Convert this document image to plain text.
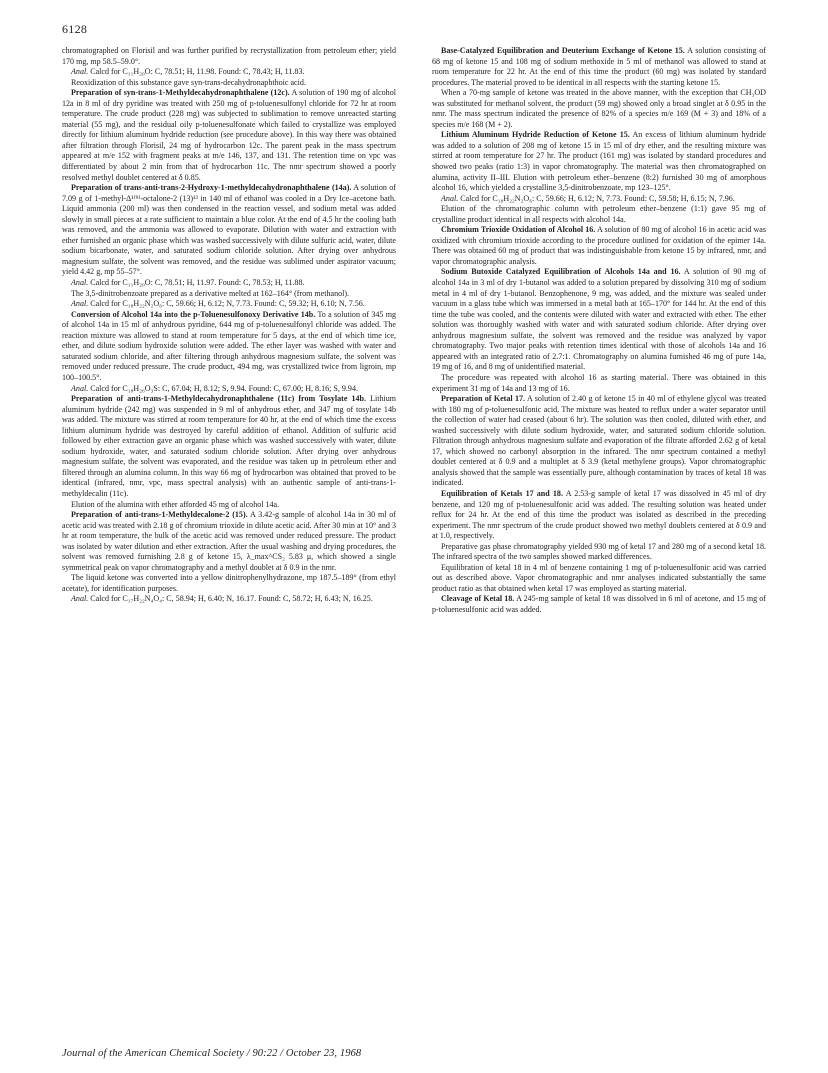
6128

chromatographed on Florisil and was further purified by recrystallization from petroleum ether; yield 170 mg, mp 58.5–59.0°.

Anal. Calcd for C₁₁H₂₀O: C, 78.51; H, 11.98. Found: C, 78.43; H, 11.83.

Reoxidization of this substance gave syn-trans-decahydronaphthoic acid.

Preparation of syn-trans-1-Methyldecahydronaphthalene (12c). A solution of 190 mg of alcohol 12a in 8 ml of dry pyridine was treated with 250 mg of p-toluenesulfonyl chloride for 72 hr at room temperature. The crude product (228 mg) was subjected to sublimation to remove unreacted starting material (55 mg), and the residual oily p-toluenesulfonate which failed to crystallize was employed directly for lithium aluminum hydride reduction (see procedure above). In this way there was obtained after filtration through Florisil, 24 mg of hydrocarbon 12c. The parent peak in the mass spectrum appeared at m/e 152 with fragment peaks at m/e 146, 137, and 131. The retention time on vpc was differentiated by about 2 min from that of hydrocarbon 11c. The nmr spectrum showed a poorly resolved methyl doublet centered at δ 0.85.

Preparation of trans-anti-trans-2-Hydroxy-1-methyldecahydronaphthalene (14a). A solution of 7.09 g of 1-methyl-Δ¹⁽⁹⁾-octalone-2 (13)¹³ in 140 ml of ethanol was cooled in a Dry Ice–acetone bath. Liquid ammonia (200 ml) was then condensed in the reaction vessel, and sodium metal was added slowly in small pieces at a rate sufficient to maintain a blue color. At the end of 4.5 hr the cooling bath was removed, and the ammonia was allowed to evaporate. Dilution with water and extraction with ether furnished an organic phase which was washed successively with dilute sulfuric acid, water, dilute sodium bicarbonate, water, and saturated sodium chloride solution. After drying over anhydrous magnesium sulfate, the solvent was removed, and the residue was sublimed under aspirator vacuum; yield 4.42 g, mp 55–57°.

Anal. Calcd for C₁₁H₂₀O: C, 78.51; H, 11.97. Found: C, 78.53; H, 11.88.

The 3,5-dinitrobenzoate prepared as a derivative melted at 162–164° (from methanol).

Anal. Calcd for C₁₈H₂₂N₂O₆: C, 59.66; H, 6.12; N, 7.73. Found: C, 59.32; H, 6.10; N, 7.56.

Conversion of Alcohol 14a into the p-Toluenesulfonoxy Derivative 14b. To a solution of 345 mg of alcohol 14a in 15 ml of anhydrous pyridine, 644 mg of p-toluenesulfonyl chloride was added. The reaction mixture was allowed to stand at room temperature for 5 days, at the end of which time ice, ether, and dilute sodium hydroxide solution were added. The ether layer was washed with water and saturated sodium chloride, and after filtering through anhydrous magnesium sulfate, the solvent was removed under reduced pressure. The crude product, 494 mg, was crystallized twice from ligroin, mp 100–100.5°.

Anal. Calcd for C₁₈H₂₆O₃S: C, 67.04; H, 8.12; S, 9.94. Found: C, 67.00; H, 8.16; S, 9.94.

Preparation of anti-trans-1-Methyldecahydronaphthalene (11c) from Tosylate 14b. Lithium aluminum hydride (242 mg) was suspended in 9 ml of anhydrous ether, and 347 mg of tosylate 14b was added. The mixture was stirred at room temperature for 40 hr, at the end of which time the excess lithium aluminum hydride was destroyed by careful addition of ethanol. Addition of sulfuric acid followed by ether extraction gave an organic phase which was washed successively with water, dilute sodium hydroxide, water, and saturated sodium chloride solution. After drying over anhydrous magnesium sulfate, the solvent was evaporated, and the residue was taken up in petroleum ether and filtered through an alumina column. In this way 66 mg of hydrocarbon was obtained that proved to be identical (infrared, nmr, vpc, mass spectral analysis) with an authentic sample of anti-trans-1-methyldecalin (11c).

Elution of the alumina with ether afforded 45 mg of alcohol 14a.

Preparation of anti-trans-1-Methyldecalone-2 (15). A 3.42-g sample of alcohol 14a in 30 ml of acetic acid was treated with 2.18 g of chromium trioxide in dilute acetic acid. After 30 min at 10° and 3 hr at room temperature, the bulk of the acetic acid was removed under reduced pressure. The product was isolated by water dilution and ether extraction. After the usual washing and drying procedures, the solvent was removed furnishing 2.8 g of ketone 15, λ_max^CS₂ 5.83 μ, which showed a single symmetrical peak on vapor chromatography and a methyl doublet at δ 0.9 in the nmr.

The liquid ketone was converted into a yellow dinitrophenylhydrazone, mp 187.5–189° (from ethyl acetate), for identification purposes.

Anal. Calcd for C₁₇H₂₂N₄O₄: C, 58.94; H, 6.40; N, 16.17. Found: C, 58.72; H, 6.43; N, 16.25.

Base-Catalyzed Equilibration and Deuterium Exchange of Ketone 15. A solution consisting of 68 mg of ketone 15 and 108 mg of sodium methoxide in 5 ml of methanol was allowed to stand at room temperature for 22 hr. At the end of this time the product (60 mg) was isolated by standard procedures. The material proved to be identical in all respects with the starting ketone 15.

When a 70-mg sample of ketone was treated in the above manner, with the exception that CH₃OD was substituted for methanol solvent, the product (59 mg) showed only a broad singlet at δ 0.95 in the nmr. The mass spectrum indicated the presence of 82% of a species m/e 169 (M + 3) and 18% of a species m/e 168 (M + 2).

Lithium Aluminum Hydride Reduction of Ketone 15. An excess of lithium aluminum hydride was added to a solution of 208 mg of ketone 15 in 15 ml of dry ether, and the resulting mixture was stirred at room temperature for 27 hr. The product (161 mg) was isolated by standard procedures and showed two peaks (ratio 1:3) in vapor chromatography. The material was then chromatographed on alumina, activity II–III. Elution with petroleum ether–benzene (8:2) furnished 30 mg of amorphous alcohol 16, which yielded a crystalline 3,5-dinitrobenzoate, mp 123–125°.

Anal. Calcd for C₁₈H₂₂N₂O₆: C, 59.66; H, 6.12; N, 7.73. Found: C, 59.58; H, 6.15; N, 7.96.

Elution of the chromatographic column with petroleum ether–benzene (1:1) gave 95 mg of crystalline product identical in all respects with alcohol 14a.

Chromium Trioxide Oxidation of Alcohol 16. A solution of 80 mg of alcohol 16 in acetic acid was oxidized with chromium trioxide according to the procedure outlined for oxidation of the epimer 14a. There was obtained 60 mg of product that was indistinguishable from ketone 15 by infrared, nmr, and vapor chromatographic analysis.

Sodium Butoxide Catalyzed Equilibration of Alcohols 14a and 16. A solution of 90 mg of alcohol 14a in 3 ml of dry 1-butanol was added to a solution prepared by dissolving 310 mg of sodium metal in 4 ml of dry 1-butanol. Benzophenone, 9 mg, was added, and the mixture was sealed under vacuum in a glass tube which was immersed in a metal bath at 165–170° for 144 hr. At the end of this time the tube was cooled, and the contents were diluted with water and extracted with ether. The ether solution was thoroughly washed with water and with saturated sodium chloride. After drying over anhydrous magnesium sulfate, the solvent was removed and the residue was analyzed by vapor chromatography. Two major peaks with retention times identical with those of alcohols 14a and 16 appeared with an integrated ratio of 2.7:1. Chromatography on alumina furnished 46 mg of pure 14a, 19 mg of 16, and 8 mg of unidentified material.

The procedure was repeated with alcohol 16 as starting material. There was obtained in this experiment 31 mg of 14a and 13 mg of 16.

Preparation of Ketal 17. A solution of 2.40 g of ketone 15 in 40 ml of ethylene glycol was treated with 180 mg of p-toluenesulfonic acid. The mixture was heated to reflux under a water separator until the collection of water had ceased (about 6 hr). The solution was then cooled, diluted with ether, and washed successively with dilute sodium hydroxide, water, and saturated sodium chloride solution. Filtration through anhydrous magnesium sulfate and evaporation of the filtrate afforded 2.62 g of ketal 17, which showed no carbonyl absorption in the infrared. The nmr spectrum contained a methyl doublet centered at δ 0.9 and a multiplet at δ 3.9 (ketal methylene groups). Vapor chromatographic analysis showed that the sample was essentially pure, although contamination by traces of ketal 18 was indicated.

Equilibration of Ketals 17 and 18. A 2.53-g sample of ketal 17 was dissolved in 45 ml of dry benzene, and 120 mg of p-toluenesulfonic acid was added. The resulting solution was heated under reflux for 24 hr. At the end of this time the product was isolated as described in the preceding experiment. The nmr spectrum of the crude product showed two methyl doublets centered at δ 0.9 and at 1.0, respectively.

Preparative gas phase chromatography yielded 930 mg of ketal 17 and 280 mg of a second ketal 18. The infrared spectra of the two samples showed marked differences.

Equilibration of ketal 18 in 4 ml of benzene containing 1 mg of p-toluenesulfonic acid was carried out as described above. Vapor chromatographic and nmr analyses indicated substantially the same product ratio as that obtained when ketal 17 was employed as starting material.

Cleavage of Ketal 18. A 245-mg sample of ketal 18 was dissolved in 6 ml of acetone, and 15 mg of p-toluenesulfonic acid was added.

Journal of the American Chemical Society / 90:22 / October 23, 1968
